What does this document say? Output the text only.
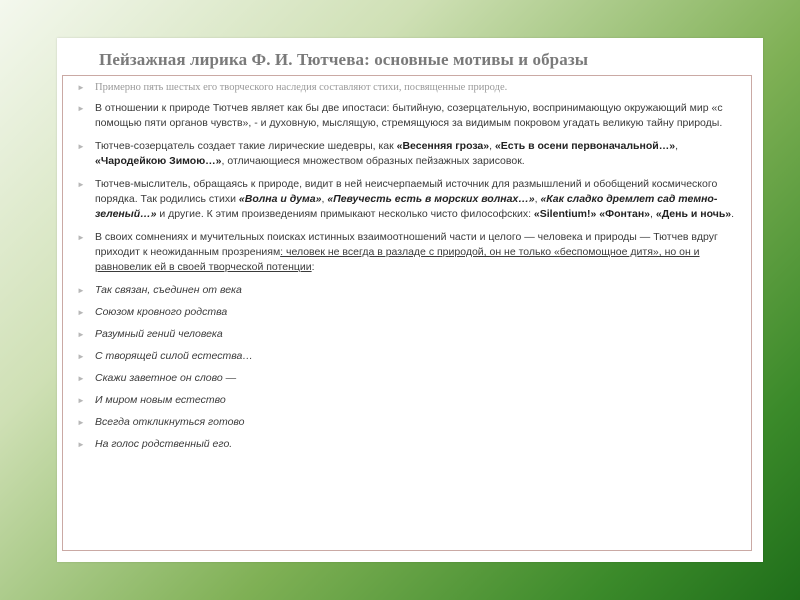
Пейзажная лирика Ф. И. Тютчева: основные мотивы и образы
► Примерно пять шестых его творческого наследия составляют стихи, посвященные природе.
► В отношении к природе Тютчев являет как бы две ипостаси: бытийную, созерцательную, воспринимающую окружающий мир «с помощью пяти органов чувств», - и духовную, мыслящую, стремящуюся за видимым покровом угадать великую тайну природы.
► Тютчев-созерцатель создает такие лирические шедевры, как «Весенняя гроза», «Есть в осени первоначальной…», «Чародейкою Зимою…», отличающиеся множеством образных пейзажных зарисовок.
► Тютчев-мыслитель, обращаясь к природе, видит в ней неисчерпаемый источник для размышлений и обобщений космического порядка. Так родились стихи «Волна и дума», «Певучесть есть в морских волнах…», «Как сладко дремлет сад темно-зеленый…» и другие. К этим произведениям примыкают несколько чисто философских: «Silentium!» «Фонтан», «День и ночь».
► В своих сомнениях и мучительных поисках истинных взаимоотношений части и целого — человека и природы — Тютчев вдруг приходит к неожиданным прозрениям: человек не всегда в разладе с природой, он не только «беспомощное дитя», но он и равновелик ей в своей творческой потенции:
► Так связан, съединен от века
► Союзом кровного родства
► Разумный гений человека
► С творящей силой естества…
► Скажи заветное он слово —
► И миром новым естество
► Всегда откликнуться готово
► На голос родственный его.
